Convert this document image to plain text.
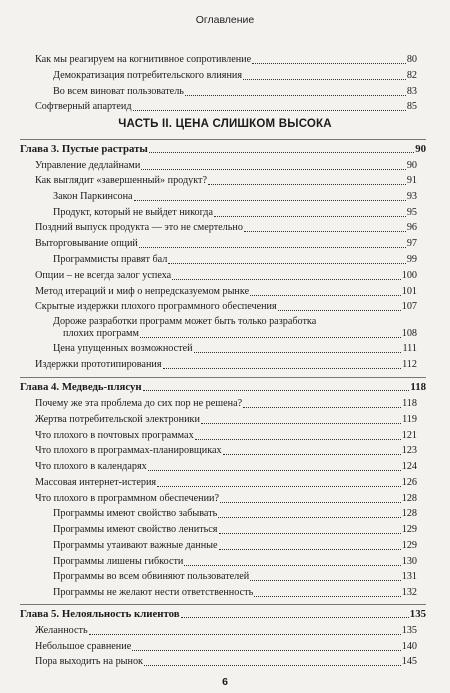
Оглавление
Как мы реагируем на когнитивное сопротивление	80
Демократизация потребительского влияния	82
Во всем виноват пользователь	83
Софтверный апартеид	85
ЧАСТЬ II. ЦЕНА СЛИШКОМ ВЫСОКА
Глава 3. Пустые растраты	90
Управление дедлайнами	90
Как выглядит «завершенный» продукт?	91
Закон Паркинсона	93
Продукт, который не выйдет никогда	95
Поздний выпуск продукта — это не смертельно	96
Выторговывание опций	97
Программисты правят бал	99
Опции – не всегда залог успеха	100
Метод итераций и миф о непредсказуемом рынке	101
Скрытые издержки плохого программного обеспечения	107
Дороже разработки программ может быть только разработка
плохих программ	108
Цена упущенных возможностей	111
Издержки прототипирования	112
Глава 4. Медведь-плясун	118
Почему же эта проблема до сих пор не решена?	118
Жертва потребительской электроники	119
Что плохого в почтовых программах	121
Что плохого в программах-планировщиках	123
Что плохого в календарях	124
Массовая интернет-истерия	126
Что плохого в программном обеспечении?	128
Программы имеют свойство забывать	128
Программы имеют свойство лениться	129
Программы утаивают важные данные	129
Программы лишены гибкости	130
Программы во всем обвиняют пользователей	131
Программы не желают нести ответственность	132
Глава 5. Нелояльность клиентов	135
Желанность	135
Небольшое сравнение	140
Пора выходить на рынок	145
6
